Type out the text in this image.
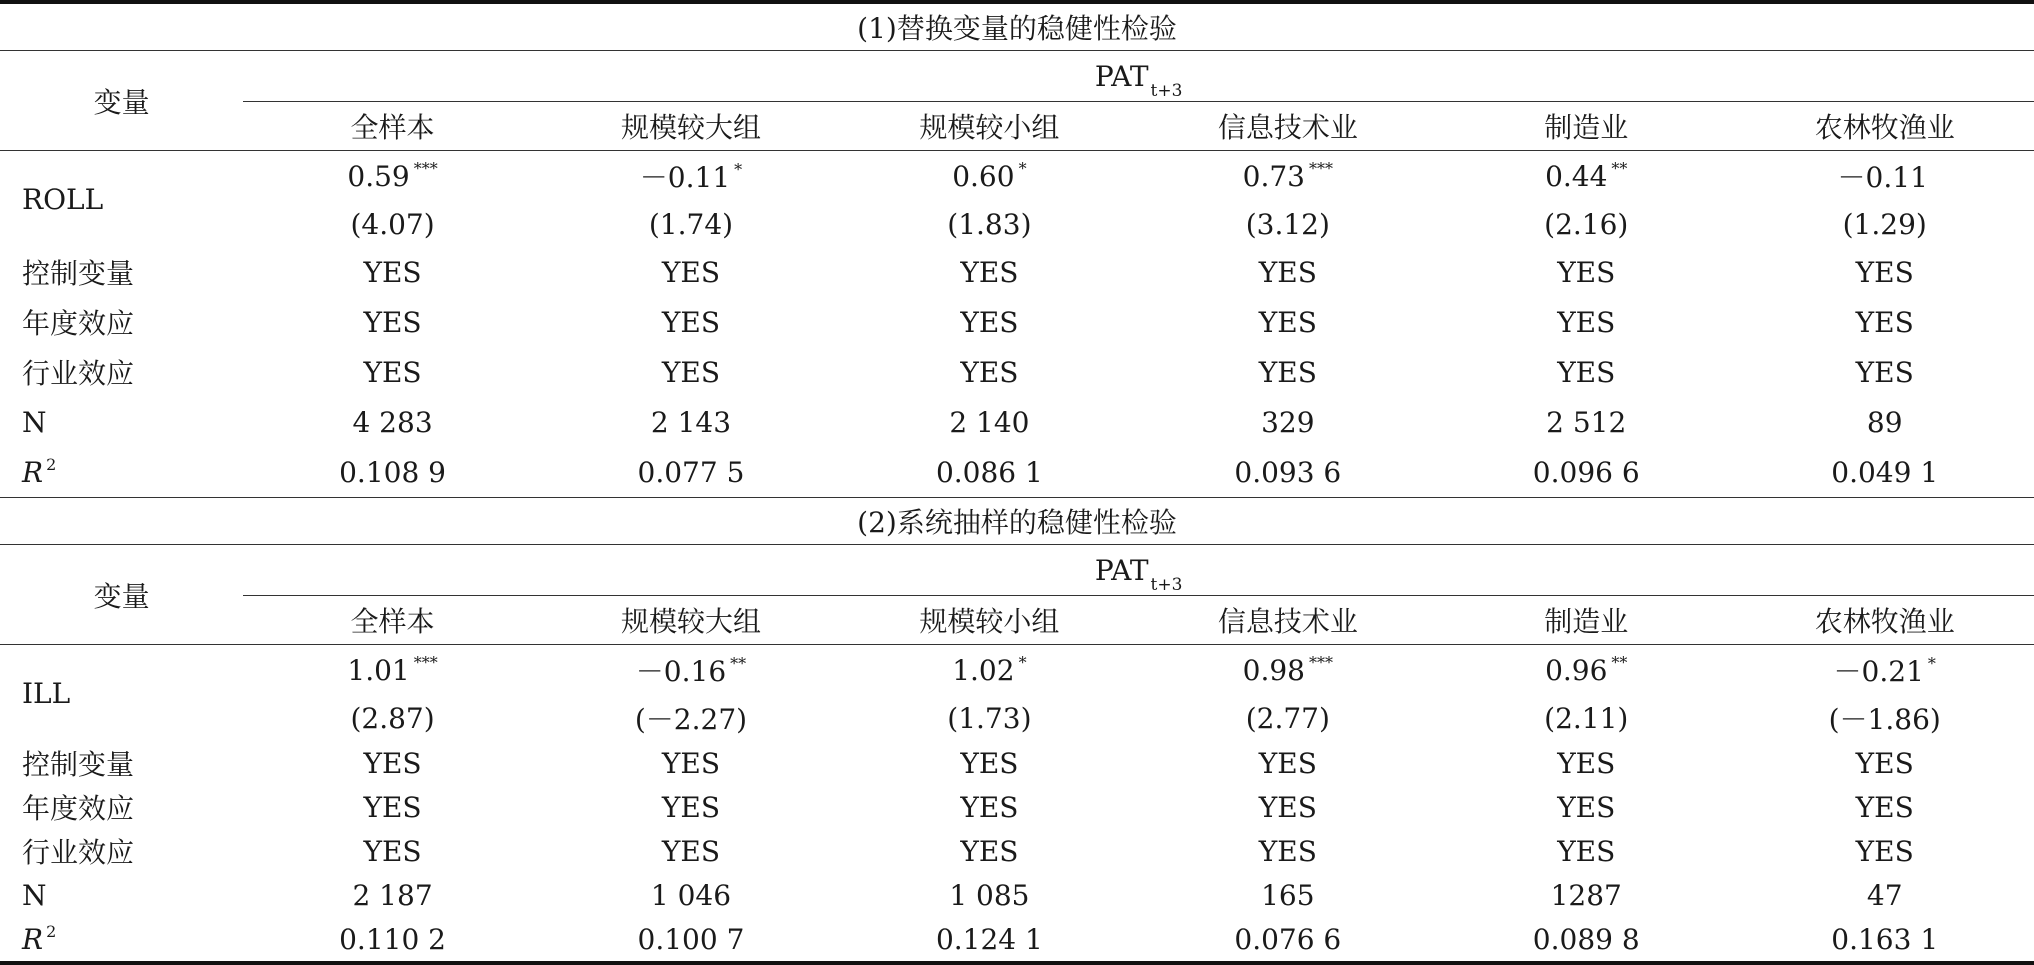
(1)替换变量的稳健性检验						
变量	PAT $_{t+3}$
	全样本	规模较大组	规模较小组	信息技术业	制造业	农林牧渔业
ROLL	0.59 ***	－0.11 *	0.60 *	0.73 ***	0.44 **	－0.11
	(4.07)	(1.74)	(1.83)	(3.12)	(2.16)	(1.29)
控制变量	YES	YES	YES	YES	YES	YES
年度效应	YES	YES	YES	YES	YES	YES
行业效应	YES	YES	YES	YES	YES	YES
N	4 283	2 143	2 140	329	2 512	89
R $^2$	0.108 9	0.077 5	0.086 1	0.093 6	0.096 6	0.049 1
(2)系统抽样的稳健性检验						
变量	PAT $_{t+3}$
	全样本	规模较大组	规模较小组	信息技术业	制造业	农林牧渔业
ILL	1.01 ***	－0.16 **	1.02 *	0.98 ***	0.96 **	－0.21 *
	(2.87)	(－2.27)	(1.73)	(2.77)	(2.11)	(－1.86)
控制变量	YES	YES	YES	YES	YES	YES
年度效应	YES	YES	YES	YES	YES	YES
行业效应	YES	YES	YES	YES	YES	YES
N	2 187	1 046	1 085	165	1287	47
R $^2$	0.110 2	0.100 7	0.124 1	0.076 6	0.089 8	0.163 1
